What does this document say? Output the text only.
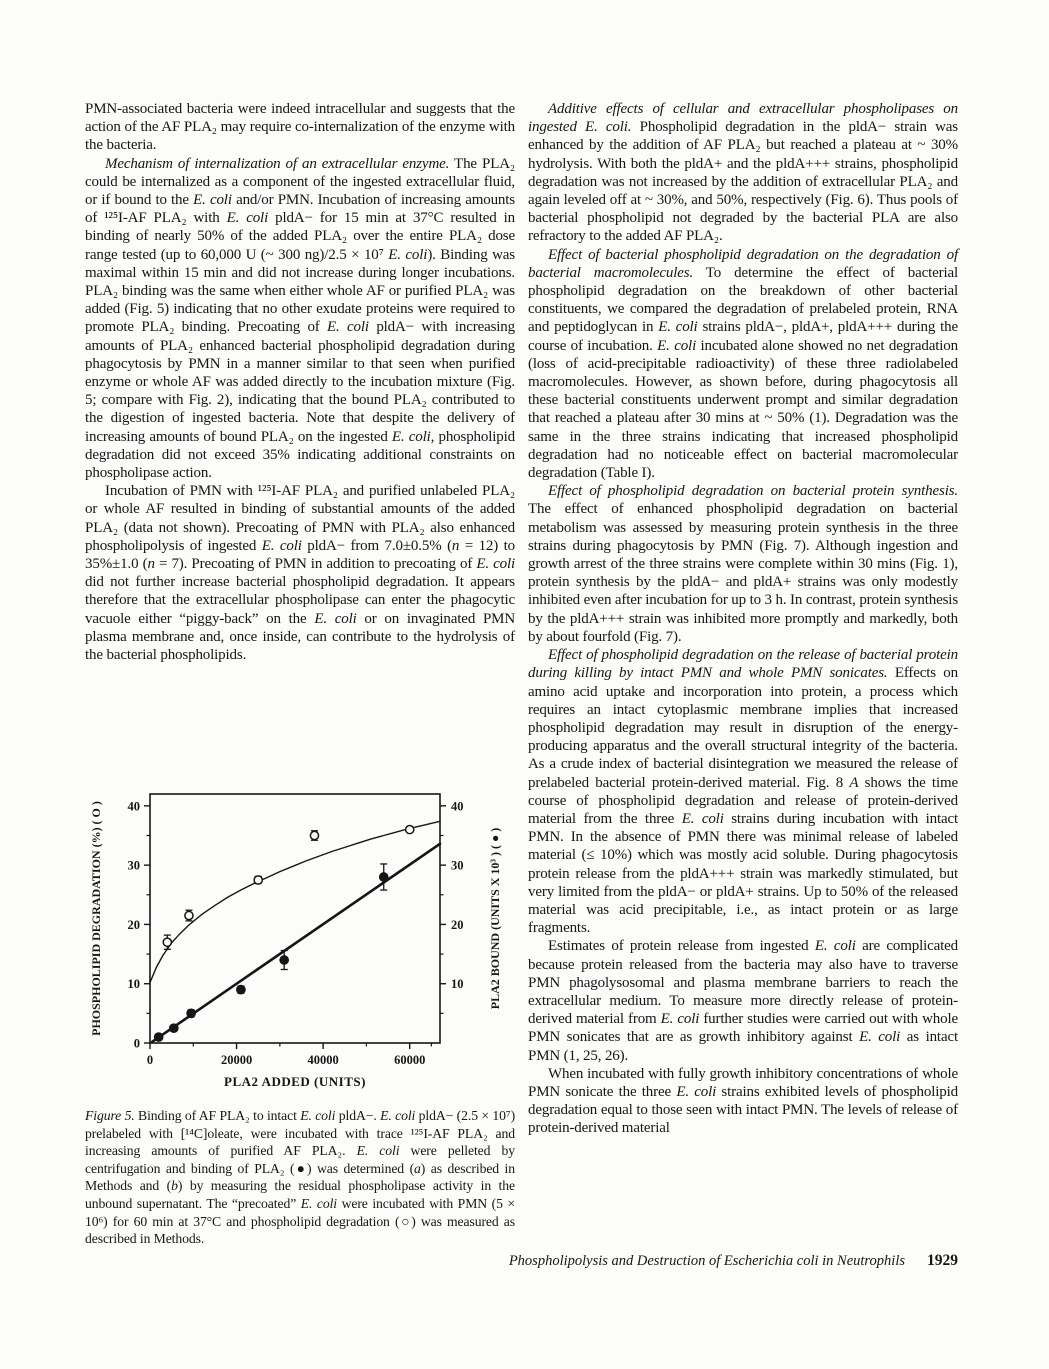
PMN-associated bacteria were indeed intracellular and suggests that the action of the AF PLA₂ may require co-internalization of the enzyme with the bacteria.

Mechanism of internalization of an extracellular enzyme. The PLA₂ could be internalized as a component of the ingested extracellular fluid, or if bound to the E. coli and/or PMN. Incubation of increasing amounts of ¹²⁵I-AF PLA₂ with E. coli pldA− for 15 min at 37°C resulted in binding of nearly 50% of the added PLA₂ over the entire PLA₂ dose range tested (up to 60,000 U (~ 300 ng)/2.5 × 10⁷ E. coli). Binding was maximal within 15 min and did not increase during longer incubations. PLA₂ binding was the same when either whole AF or purified PLA₂ was added (Fig. 5) indicating that no other exudate proteins were required to promote PLA₂ binding. Precoating of E. coli pldA− with increasing amounts of PLA₂ enhanced bacterial phospholipid degradation during phagocytosis by PMN in a manner similar to that seen when purified enzyme or whole AF was added directly to the incubation mixture (Fig. 5; compare with Fig. 2), indicating that the bound PLA₂ contributed to the digestion of ingested bacteria. Note that despite the delivery of increasing amounts of bound PLA₂ on the ingested E. coli, phospholipid degradation did not exceed 35% indicating additional constraints on phospholipase action.

Incubation of PMN with ¹²⁵I-AF PLA₂ and purified unlabeled PLA₂ or whole AF resulted in binding of substantial amounts of the added PLA₂ (data not shown). Precoating of PMN with PLA₂ also enhanced phospholipolysis of ingested E. coli pldA− from 7.0±0.5% (n = 12) to 35%±1.0 (n = 7). Precoating of PMN in addition to precoating of E. coli did not further increase bacterial phospholipid degradation. It appears therefore that the extracellular phospholipase can enter the phagocytic vacuole either “piggy-back” on the E. coli or on invaginated PMN plasma membrane and, once inside, can contribute to the hydrolysis of the bacterial phospholipids.

0	20000	40000	60000
0
10
20
30
40
10
20
30
40
PLA2 ADDED (UNITS)
PHOSPHOLIPID DEGRADATION (%) ( O )	PLA2 BOUND (UNITS X 10³ ) ( ● )
Figure 5. Binding of AF PLA₂ to intact E. coli pldA−. E. coli pldA− (2.5 × 10⁷) prelabeled with [¹⁴C]oleate, were incubated with trace ¹²⁵I-AF PLA₂ and increasing amounts of purified AF PLA₂. E. coli were pelleted by centrifugation and binding of PLA₂ (●) was determined (a) as described in Methods and (b) by measuring the residual phospholipase activity in the unbound supernatant. The “precoated” E. coli were incubated with PMN (5 × 10⁶) for 60 min at 37°C and phospholipid degradation (○) was measured as described in Methods.

Additive effects of cellular and extracellular phospholipases on ingested E. coli. Phospholipid degradation in the pldA− strain was enhanced by the addition of AF PLA₂ but reached a plateau at ~ 30% hydrolysis. With both the pldA+ and the pldA+++ strains, phospholipid degradation was not increased by the addition of extracellular PLA₂ and again leveled off at ~ 30%, and 50%, respectively (Fig. 6). Thus pools of bacterial phospholipid not degraded by the bacterial PLA are also refractory to the added AF PLA₂.

Effect of bacterial phospholipid degradation on the degradation of bacterial macromolecules. To determine the effect of bacterial phospholipid degradation on the breakdown of other bacterial constituents, we compared the degradation of prelabeled protein, RNA and peptidoglycan in E. coli strains pldA−, pldA+, pldA+++ during the course of incubation. E. coli incubated alone showed no net degradation (loss of acid-precipitable radioactivity) of these three radiolabeled macromolecules. However, as shown before, during phagocytosis all these bacterial constituents underwent prompt and similar degradation that reached a plateau after 30 mins at ~ 50% (1). Degradation was the same in the three strains indicating that increased phospholipid degradation had no noticeable effect on bacterial macromolecular degradation (Table I).

Effect of phospholipid degradation on bacterial protein synthesis. The effect of enhanced phospholipid degradation on bacterial metabolism was assessed by measuring protein synthesis in the three strains during phagocytosis by PMN (Fig. 7). Although ingestion and growth arrest of the three strains were complete within 30 mins (Fig. 1), protein synthesis by the pldA− and pldA+ strains was only modestly inhibited even after incubation for up to 3 h. In contrast, protein synthesis by the pldA+++ strain was inhibited more promptly and markedly, both by about fourfold (Fig. 7).

Effect of phospholipid degradation on the release of bacterial protein during killing by intact PMN and whole PMN sonicates. Effects on amino acid uptake and incorporation into protein, a process which requires an intact cytoplasmic membrane implies that increased phospholipid degradation may result in disruption of the energy-producing apparatus and the overall structural integrity of the bacteria. As a crude index of bacterial disintegration we measured the release of prelabeled bacterial protein-derived material. Fig. 8 A shows the time course of phospholipid degradation and release of protein-derived material from the three E. coli strains during incubation with intact PMN. In the absence of PMN there was minimal release of labeled material (≤ 10%) which was mostly acid soluble. During phagocytosis protein release from the pldA+++ strain was markedly stimulated, but very limited from the pldA− or pldA+ strains. Up to 50% of the released material was acid precipitable, i.e., as intact protein or as large fragments.

Estimates of protein release from ingested E. coli are complicated because protein released from the bacteria may also have to traverse PMN phagolysosomal and plasma membrane barriers to reach the extracellular medium. To measure more directly release of protein-derived material from E. coli further studies were carried out with whole PMN sonicates that are as growth inhibitory against E. coli as intact PMN (1, 25, 26).

When incubated with fully growth inhibitory concentrations of whole PMN sonicate the three E. coli strains exhibited levels of phospholipid degradation equal to those seen with intact PMN. The levels of release of protein-derived material

Phospholipolysis and Destruction of Escherichia coli in Neutrophils 1929
